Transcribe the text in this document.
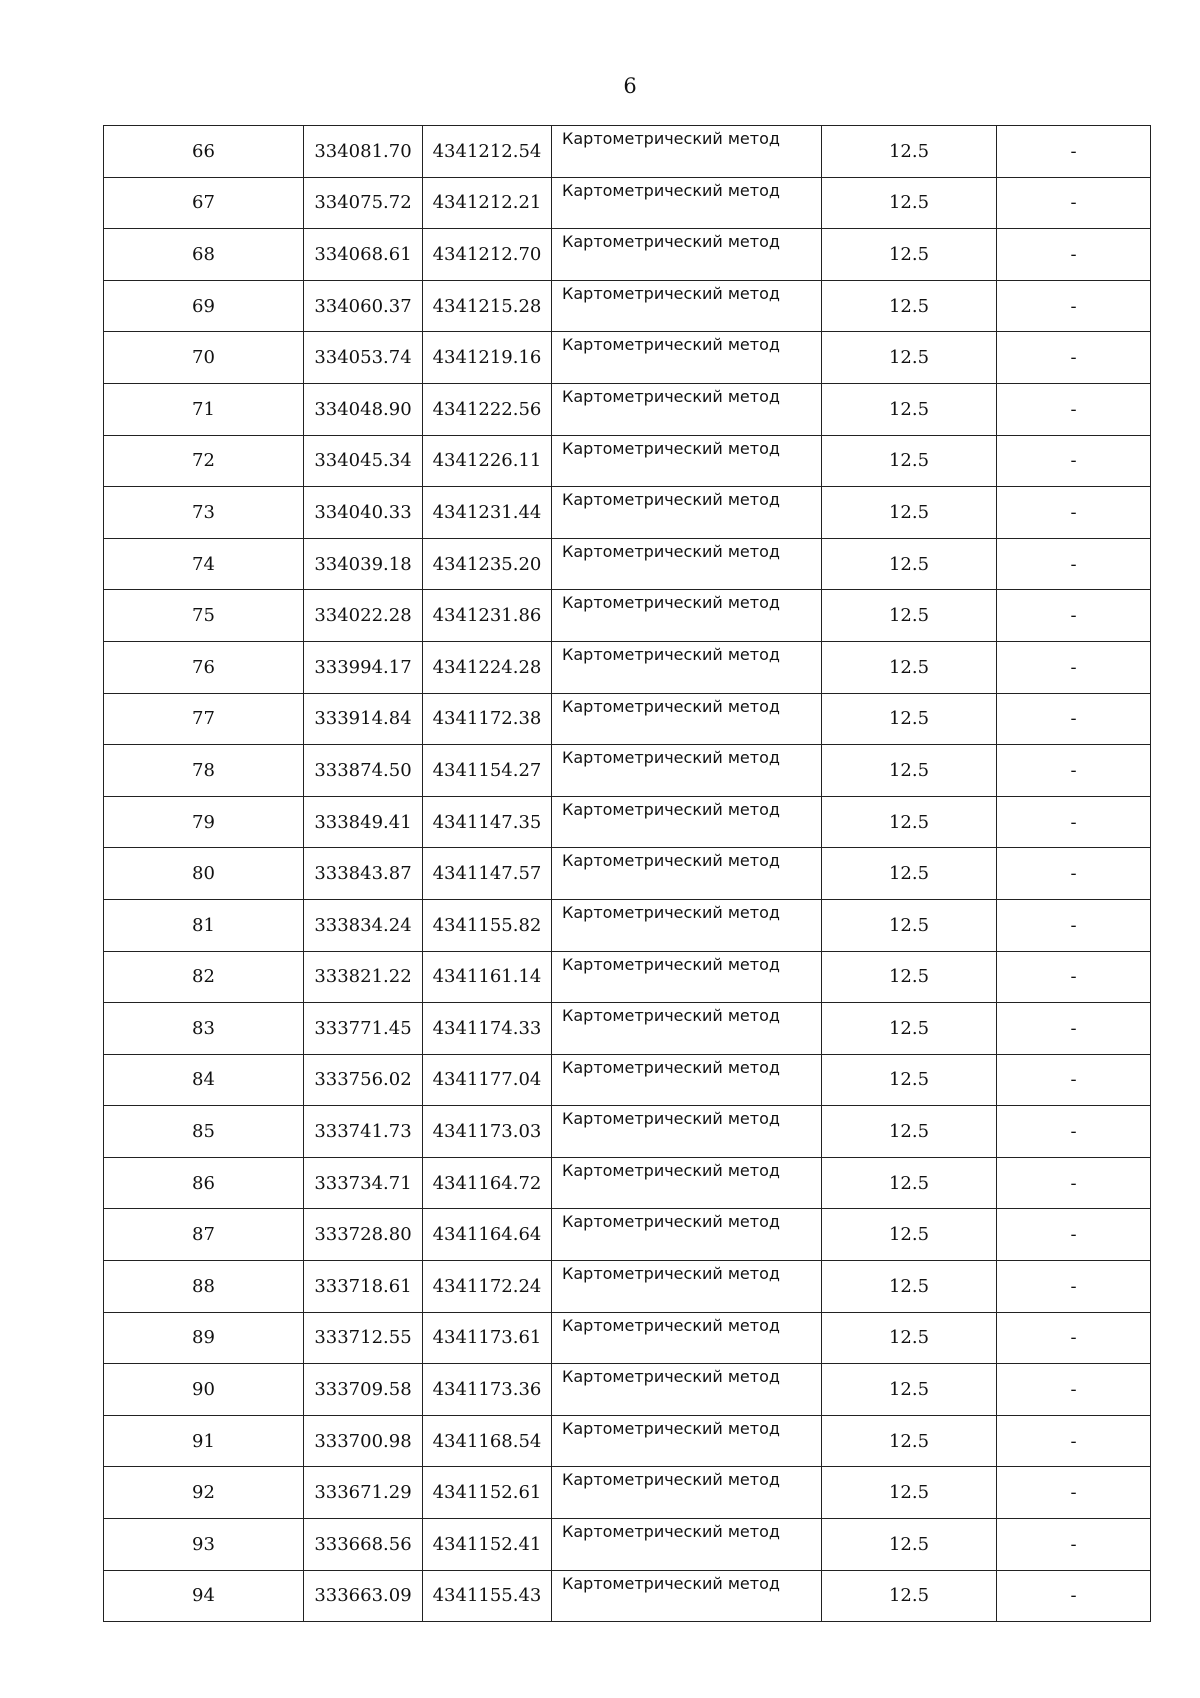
6
66	334081.70	4341212.54	Картометрический метод	12.5	-
67	334075.72	4341212.21	Картометрический метод	12.5	-
68	334068.61	4341212.70	Картометрический метод	12.5	-
69	334060.37	4341215.28	Картометрический метод	12.5	-
70	334053.74	4341219.16	Картометрический метод	12.5	-
71	334048.90	4341222.56	Картометрический метод	12.5	-
72	334045.34	4341226.11	Картометрический метод	12.5	-
73	334040.33	4341231.44	Картометрический метод	12.5	-
74	334039.18	4341235.20	Картометрический метод	12.5	-
75	334022.28	4341231.86	Картометрический метод	12.5	-
76	333994.17	4341224.28	Картометрический метод	12.5	-
77	333914.84	4341172.38	Картометрический метод	12.5	-
78	333874.50	4341154.27	Картометрический метод	12.5	-
79	333849.41	4341147.35	Картометрический метод	12.5	-
80	333843.87	4341147.57	Картометрический метод	12.5	-
81	333834.24	4341155.82	Картометрический метод	12.5	-
82	333821.22	4341161.14	Картометрический метод	12.5	-
83	333771.45	4341174.33	Картометрический метод	12.5	-
84	333756.02	4341177.04	Картометрический метод	12.5	-
85	333741.73	4341173.03	Картометрический метод	12.5	-
86	333734.71	4341164.72	Картометрический метод	12.5	-
87	333728.80	4341164.64	Картометрический метод	12.5	-
88	333718.61	4341172.24	Картометрический метод	12.5	-
89	333712.55	4341173.61	Картометрический метод	12.5	-
90	333709.58	4341173.36	Картометрический метод	12.5	-
91	333700.98	4341168.54	Картометрический метод	12.5	-
92	333671.29	4341152.61	Картометрический метод	12.5	-
93	333668.56	4341152.41	Картометрический метод	12.5	-
94	333663.09	4341155.43	Картометрический метод	12.5	-
